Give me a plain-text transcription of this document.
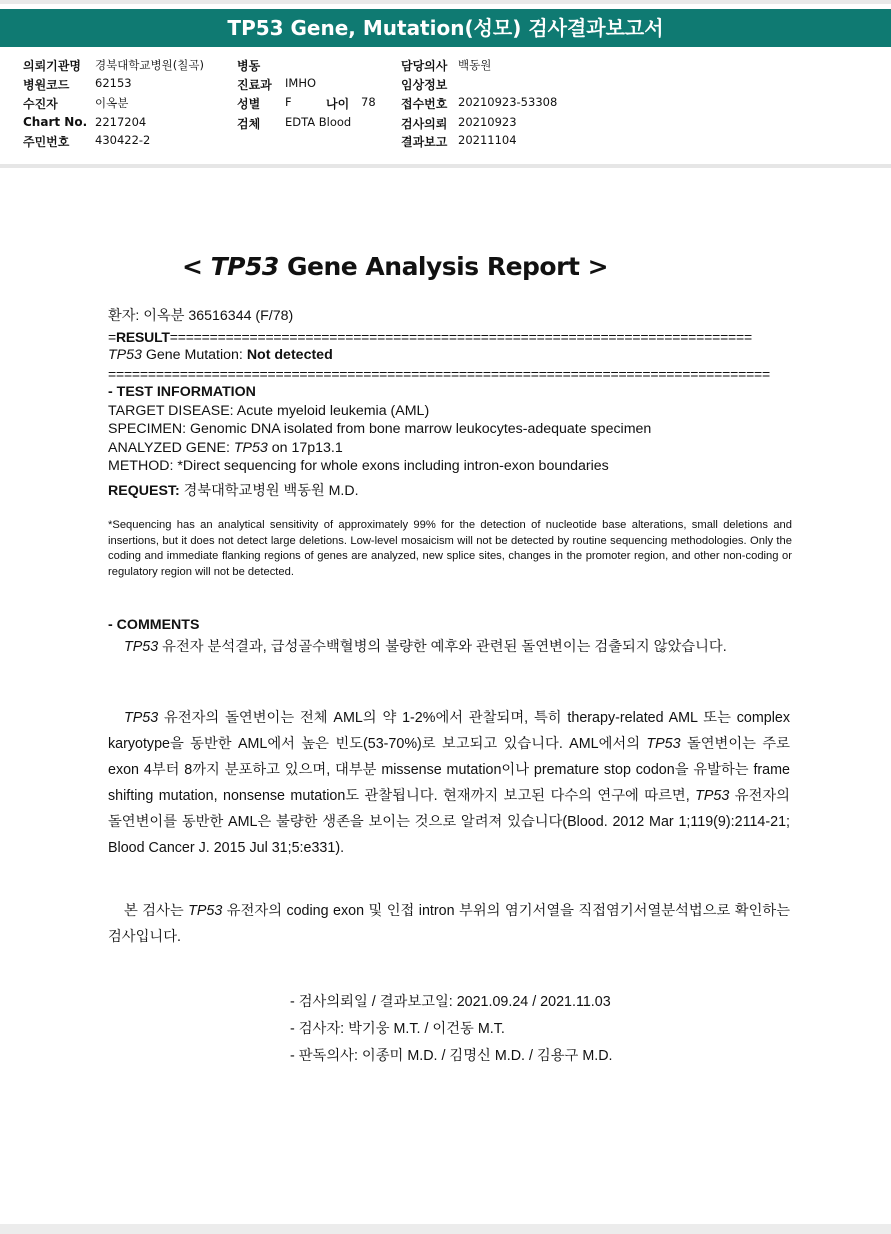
TP53 Gene, Mutation(성모) 검사결과보고서
의뢰기관명 경북대학교병원(칠곡)
병원코드 62153
수진자	이옥분
Chart No. 2217204
주민번호 430422-2
병동
진료과 IMHO
성별 F	나이 78
검체 EDTA Blood
담당의사 백동원
임상정보
접수번호 20210923-53308
검사의뢰 20210923
결과보고 20211104
< TP53 Gene Analysis Report >
환자: 이옥분 36516344 (F/78)
=RESULT=========================================================================
TP53 Gene Mutation: Not detected
===================================================================================
- TEST INFORMATION
TARGET DISEASE: Acute myeloid leukemia (AML)
SPECIMEN: Genomic DNA isolated from bone marrow leukocytes-adequate specimen
ANALYZED GENE: TP53 on 17p13.1
METHOD: *Direct sequencing for whole exons including intron-exon boundaries
REQUEST: 경북대학교병원 백동원 M.D.
*Sequencing has an analytical sensitivity of approximately 99% for the detection of nucleotide base alterations, small deletions and insertions, but it does not detect large deletions. Low-level mosaicism will not be detected by routine sequencing methodologies. Only the coding and immediate flanking regions of genes are analyzed, new splice sites, changes in the promoter region, and other non-coding or regulatory region will not be detected.
- COMMENTS
TP53 유전자 분석결과, 급성골수백혈병의 불량한 예후와 관련된 돌연변이는 검출되지 않았습니다.
TP53 유전자의 돌연변이는 전체 AML의 약 1-2%에서 관찰되며, 특히 therapy-related AML 또는 complex karyotype을 동반한 AML에서 높은 빈도(53-70%)로 보고되고 있습니다. AML에서의 TP53 돌연변이는 주로 exon 4부터 8까지 분포하고 있으며, 대부분 missense mutation이나 premature stop codon을 유발하는 frame shifting mutation, nonsense mutation도 관찰됩니다. 현재까지 보고된 다수의 연구에 따르면, TP53 유전자의 돌연변이를 동반한 AML은 불량한 생존을 보이는 것으로 알려져 있습니다(Blood. 2012 Mar 1;119(9):2114-21; Blood Cancer J. 2015 Jul 31;5:e331).
본 검사는 TP53 유전자의 coding exon 및 인접 intron 부위의 염기서열을 직접염기서열분석법으로 확인하는 검사입니다.
- 검사의뢰일 / 결과보고일: 2021.09.24 / 2021.11.03
- 검사자: 박기웅 M.T. / 이건동 M.T.
- 판독의사: 이종미 M.D. / 김명신 M.D. / 김용구 M.D.
